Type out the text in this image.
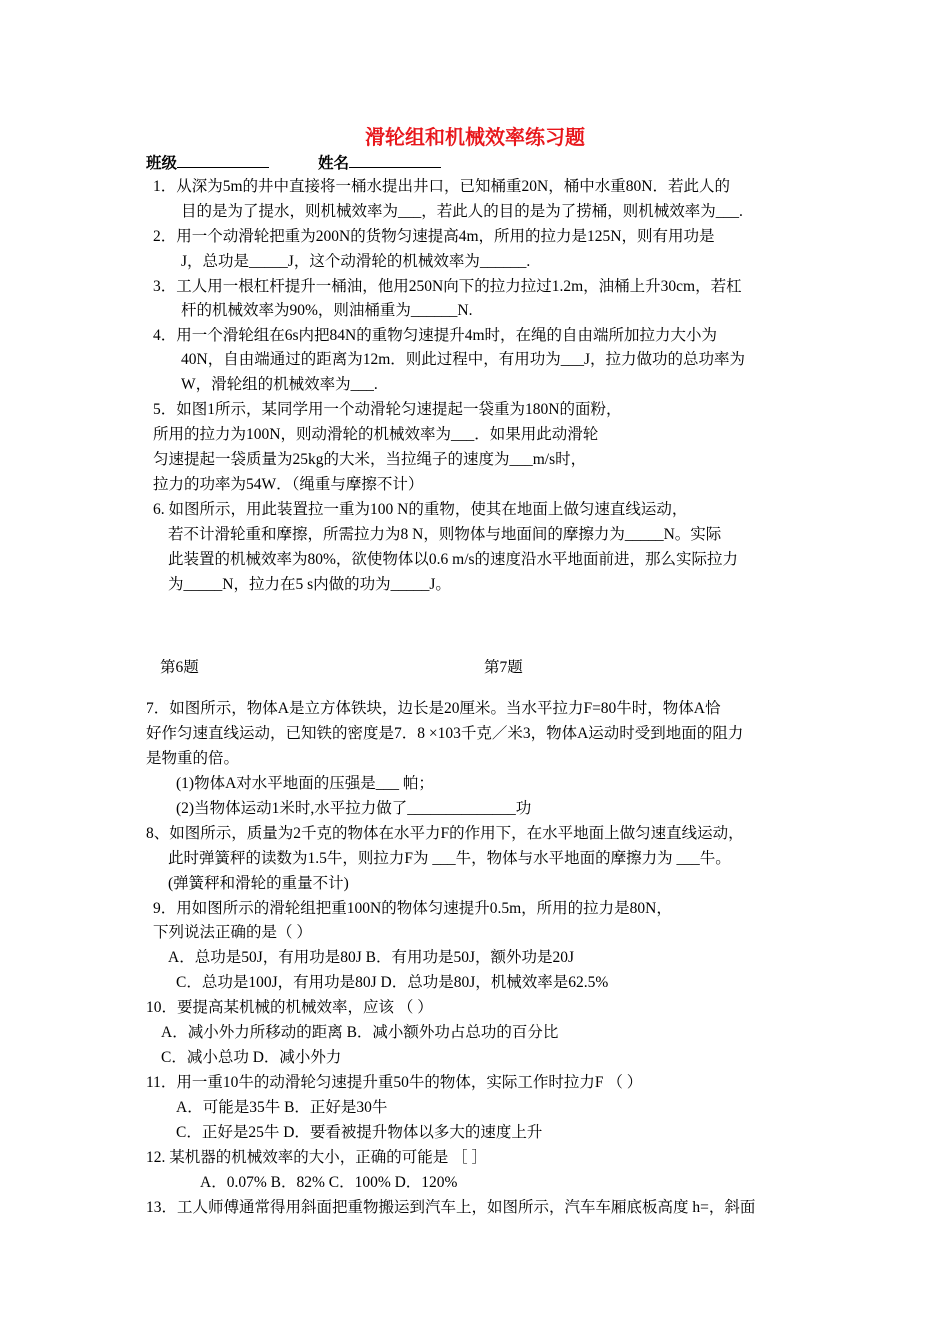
滑轮组和机械效率练习题
班级	姓名
1．从深为5m的井中直接将一桶水提出井口，已知桶重20N，桶中水重80N．若此人的
目的是为了提水，则机械效率为___，若此人的目的是为了捞桶，则机械效率为___.
2．用一个动滑轮把重为200N的货物匀速提高4m，所用的拉力是125N，则有用功是
J，总功是_____J，这个动滑轮的机械效率为______.
3．工人用一根杠杆提升一桶油，他用250N向下的拉力拉过1.2m，油桶上升30cm，若杠
杆的机械效率为90%，则油桶重为______N.
4．用一个滑轮组在6s内把84N的重物匀速提升4m时，在绳的自由端所加拉力大小为
40N，自由端通过的距离为12m．则此过程中，有用功为___J，拉力做功的总功率为
W，滑轮组的机械效率为___.
5．如图1所示，某同学用一个动滑轮匀速提起一袋重为180N的面粉，
所用的拉力为100N，则动滑轮的机械效率为___．如果用此动滑轮
匀速提起一袋质量为25kg的大米，当拉绳子的速度为___m/s时，
拉力的功率为54W．（绳重与摩擦不计）
6. 如图所示，用此装置拉一重为100 N的重物，使其在地面上做匀速直线运动，
若不计滑轮重和摩擦，所需拉力为8 N，则物体与地面间的摩擦力为_____N。实际
此装置的机械效率为80%，欲使物体以0.6 m/s的速度沿水平地面前进，那么实际拉力
为_____N，拉力在5 s内做的功为_____J。
第6题	第7题
7．如图所示，物体A是立方体铁块，边长是20厘米。当水平拉力F=80牛时，物体A恰
好作匀速直线运动，已知铁的密度是7．8 ×103千克／米3，物体A运动时受到地面的阻力
是物重的倍。
(1)物体A对水平地面的压强是___ 帕；
(2)当物体运动1米时,水平拉力做了______________功
8、如图所示，质量为2千克的物体在水平力F的作用下，在水平地面上做匀速直线运动，
此时弹簧秤的读数为1.5牛，则拉力F为 ___牛，物体与水平地面的摩擦力为 ___牛。
(弹簧秤和滑轮的重量不计)
9．用如图所示的滑轮组把重100N的物体匀速提升0.5m，所用的拉力是80N，
下列说法正确的是（ ）
A．总功是50J，有用功是80J B．有用功是50J，额外功是20J
C．总功是100J，有用功是80J D．总功是80J，机械效率是62.5%
10．要提高某机械的机械效率，应该 （ ）
A．减小外力所移动的距离 B．减小额外功占总功的百分比
C．减小总功 D．减小外力
11．用一重10牛的动滑轮匀速提升重50牛的物体，实际工作时拉力F （ ）
A．可能是35牛 B．正好是30牛
C．正好是25牛 D．要看被提升物体以多大的速度上升
12. 某机器的机械效率的大小，正确的可能是 ［ ］
A．0.07% B．82% C．100% D．120%
13．工人师傅通常得用斜面把重物搬运到汽车上，如图所示，汽车车厢底板高度 h=，斜面
